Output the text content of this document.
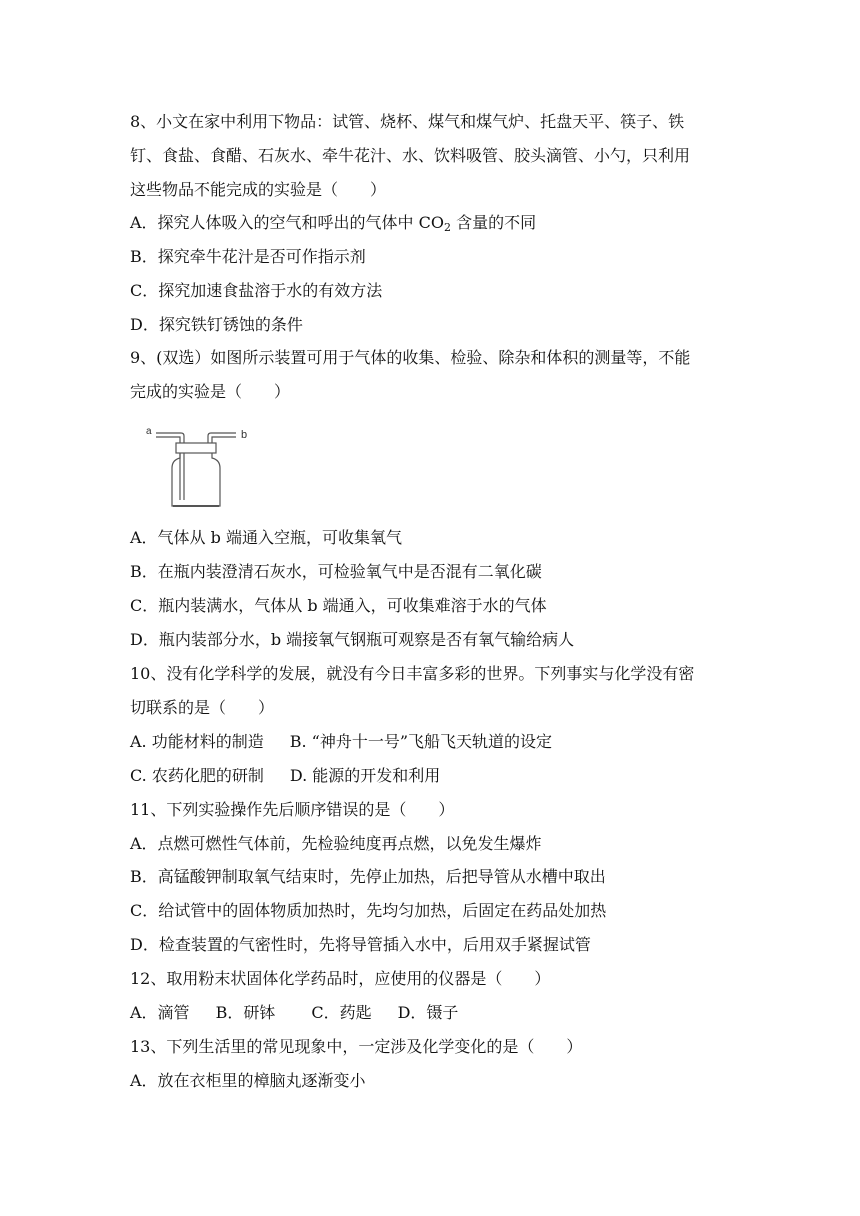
8、小文在家中利用下物品：试管、烧杯、煤气和煤气炉、托盘天平、筷子、铁
钉、食盐、食醋、石灰水、牵牛花汁、水、饮料吸管、胶头滴管、小勺，只利用
这些物品不能完成的实验是（　　）
A．探究人体吸入的空气和呼出的气体中 $CO_2$ 含量的不同
B．探究牵牛花汁是否可作指示剂
C．探究加速食盐溶于水的有效方法
D．探究铁钉锈蚀的条件
9、(双选）如图所示装置可用于气体的收集、检验、除杂和体积的测量等，不能
完成的实验是（　　）
a	b
A．气体从 b 端通入空瓶，可收集氧气
B．在瓶内装澄清石灰水，可检验氧气中是否混有二氧化碳
C．瓶内装满水，气体从 b 端通入，可收集难溶于水的气体
D．瓶内装部分水，b 端接氧气钢瓶可观察是否有氧气输给病人
10、没有化学科学的发展，就没有今日丰富多彩的世界。下列事实与化学没有密
切联系的是（　　）
A. 功能材料的制造 B. “神舟十一号”飞船飞天轨道的设定
C. 农药化肥的研制 D. 能源的开发和利用
11、下列实验操作先后顺序错误的是（　　）
A．点燃可燃性气体前，先检验纯度再点燃，以免发生爆炸
B．高锰酸钾制取氧气结束时，先停止加热，后把导管从水槽中取出
C．给试管中的固体物质加热时，先均匀加热，后固定在药品处加热
D．检查装置的气密性时，先将导管插入水中，后用双手紧握试管
12、取用粉末状固体化学药品时，应使用的仪器是（　　）
A．滴管 B．研钵 C．药匙 D．镊子
13、下列生活里的常见现象中，一定涉及化学变化的是（　　）
A．放在衣柜里的樟脑丸逐渐变小
